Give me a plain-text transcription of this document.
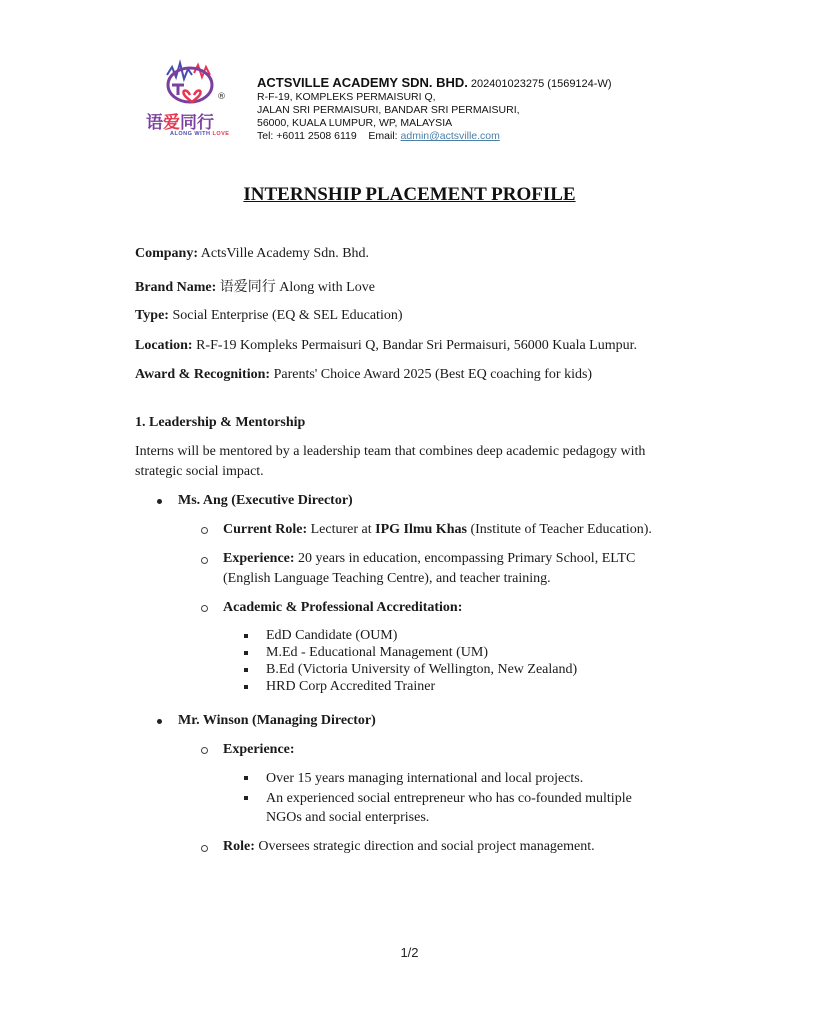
®
语爱同行
ALONG WITH LOVE
ACTSVILLE ACADEMY SDN. BHD. 202401023275 (1569124-W)
R-F-19, KOMPLEKS PERMAISURI Q,
JALAN SRI PERMAISURI, BANDAR SRI PERMAISURI,
56000, KUALA LUMPUR, WP, MALAYSIA
Tel: +6011 2508 6119 Email: admin@actsville.com
INTERNSHIP PLACEMENT PROFILE
Company: ActsVille Academy Sdn. Bhd.
Brand Name: 语爱同行 Along with Love
Type: Social Enterprise (EQ & SEL Education)
Location: R-F-19 Kompleks Permaisuri Q, Bandar Sri Permaisuri, 56000 Kuala Lumpur.
Award & Recognition: Parents' Choice Award 2025 (Best EQ coaching for kids)
1. Leadership & Mentorship
Interns will be mentored by a leadership team that combines deep academic pedagogy with
strategic social impact.
Ms. Ang (Executive Director)
Current Role: Lecturer at IPG Ilmu Khas (Institute of Teacher Education).
Experience: 20 years in education, encompassing Primary School, ELTC
(English Language Teaching Centre), and teacher training.
Academic & Professional Accreditation:
EdD Candidate (OUM)
M.Ed - Educational Management (UM)
B.Ed (Victoria University of Wellington, New Zealand)
HRD Corp Accredited Trainer
Mr. Winson (Managing Director)
Experience:
Over 15 years managing international and local projects.
An experienced social entrepreneur who has co-founded multiple
NGOs and social enterprises.
Role: Oversees strategic direction and social project management.
1/2
